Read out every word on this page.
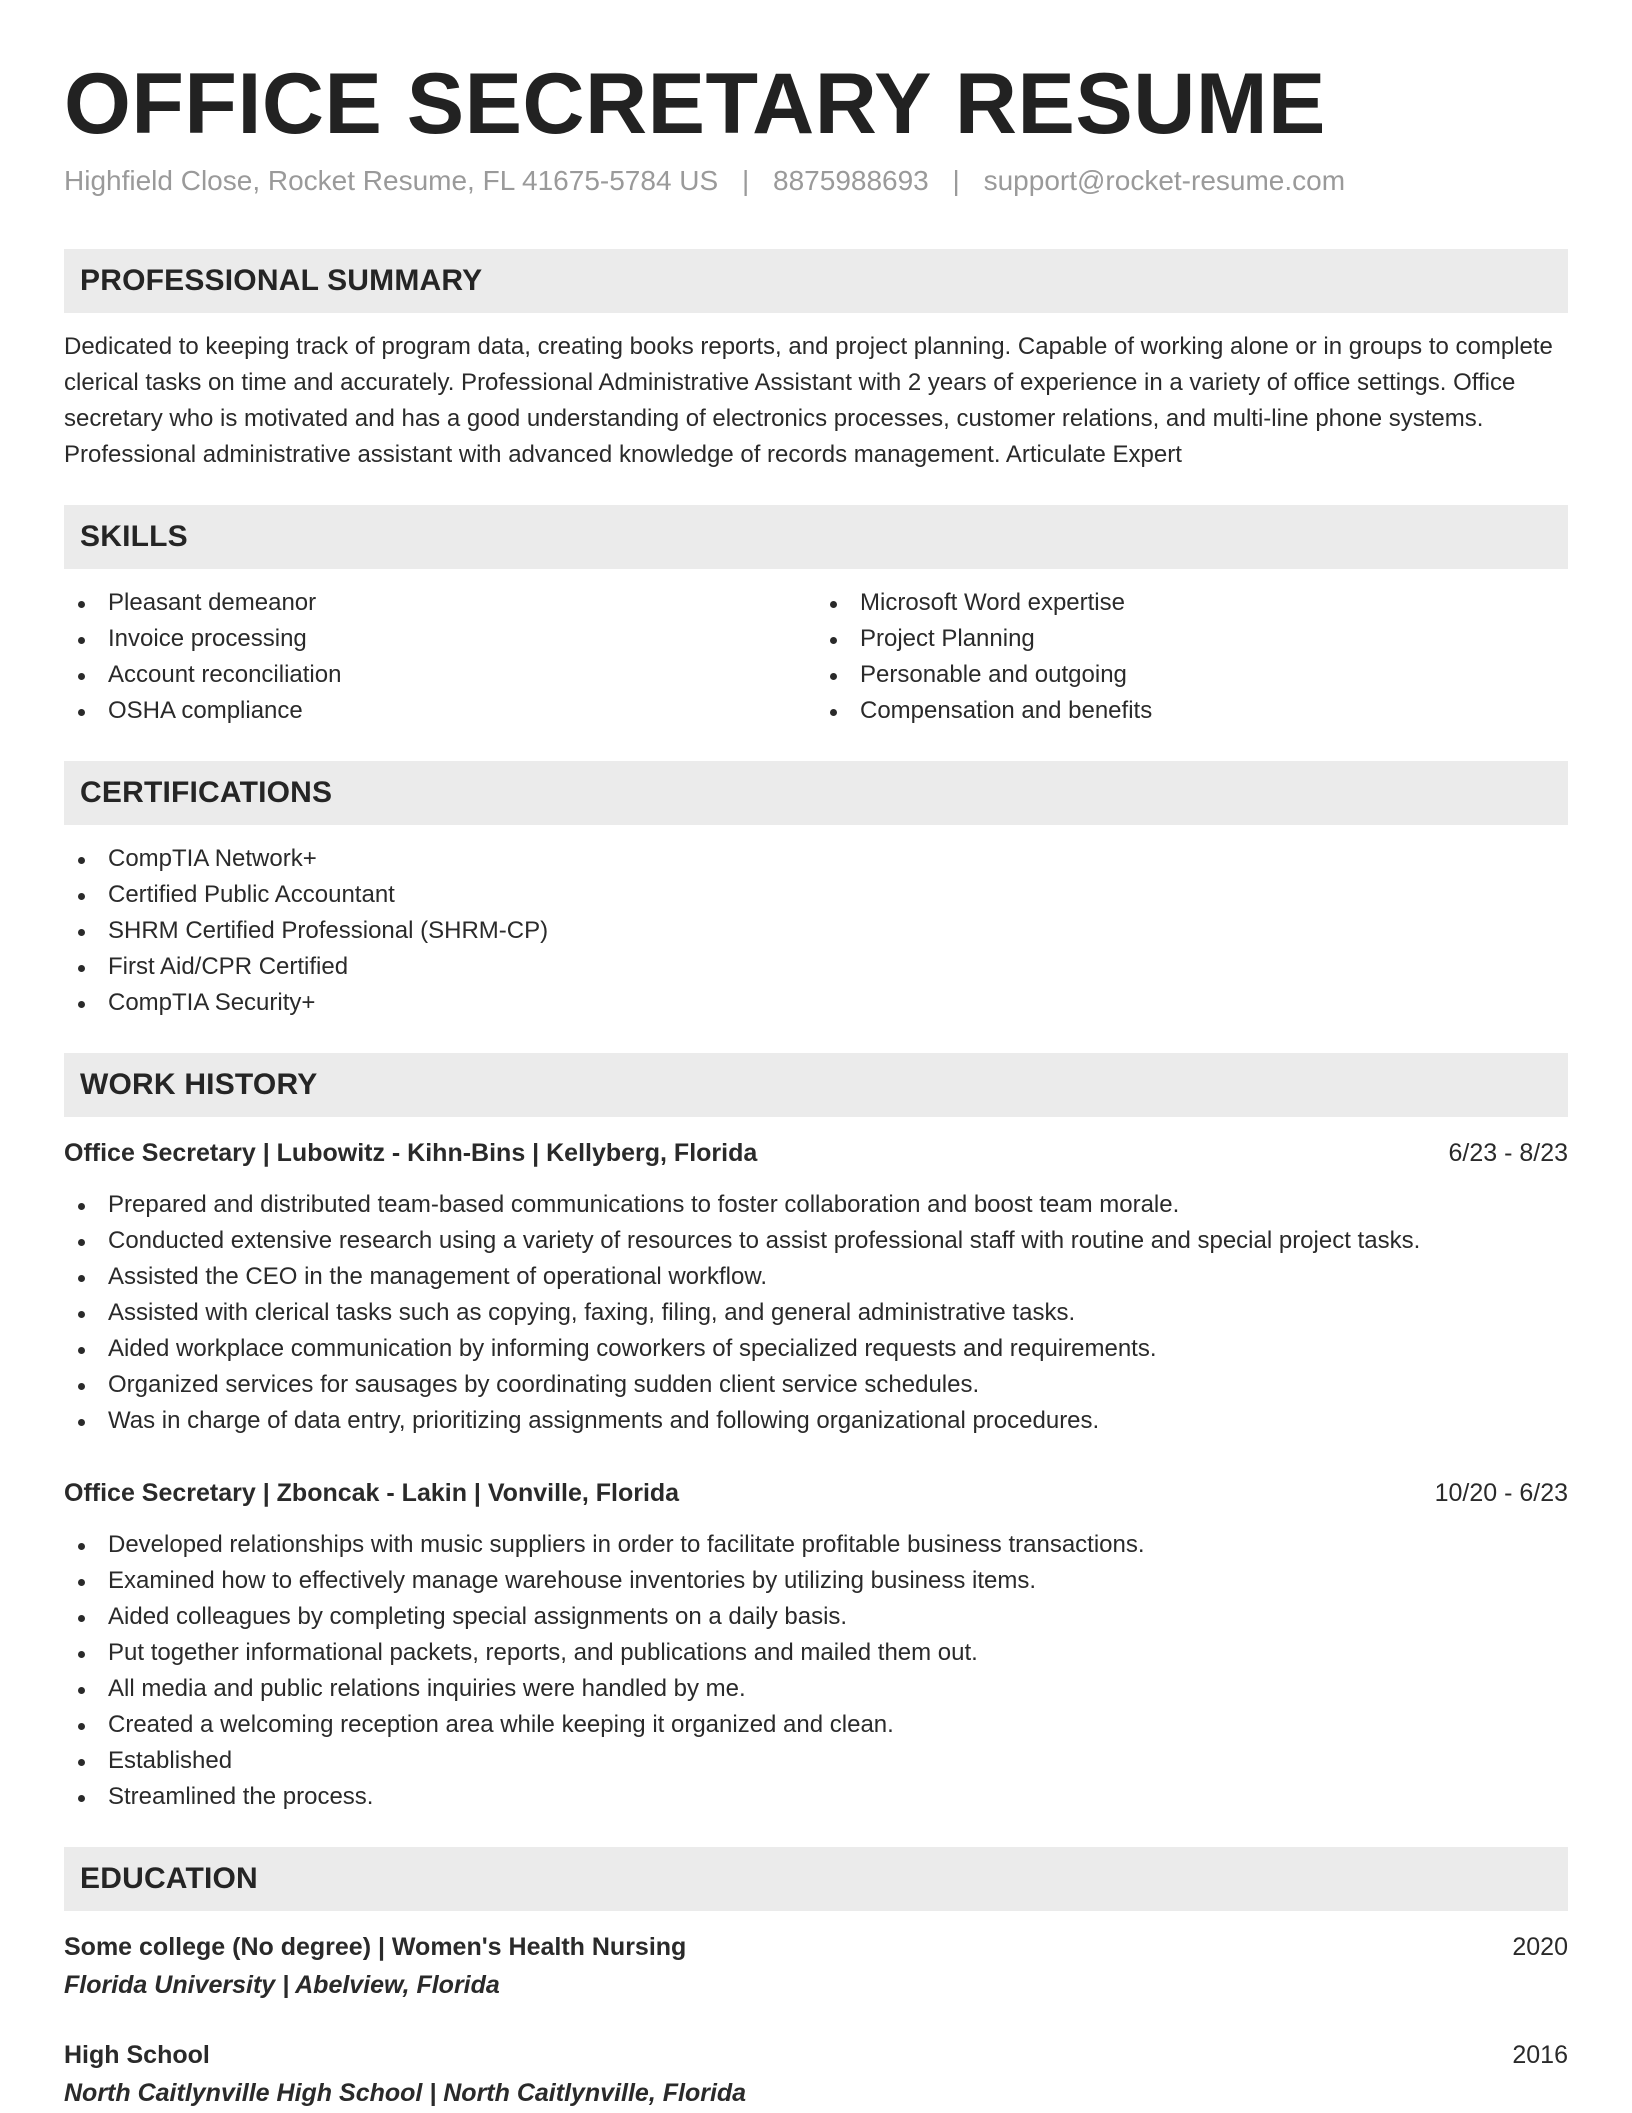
OFFICE SECRETARY RESUME
Highfield Close, Rocket Resume, FL 41675-5784 US | 8875988693 | support@rocket-resume.com
PROFESSIONAL SUMMARY

Dedicated to keeping track of program data, creating books reports, and project planning. Capable of working alone or in groups to complete clerical tasks on time and accurately. Professional Administrative Assistant with 2 years of experience in a variety of office settings. Office secretary who is motivated and has a good understanding of electronics processes, customer relations, and multi-line phone systems. Professional administrative assistant with advanced knowledge of records management. Articulate Expert

SKILLS
Pleasant demeanor
Invoice processing
Account reconciliation
OSHA compliance
Microsoft Word expertise
Project Planning
Personable and outgoing
Compensation and benefits
CERTIFICATIONS
CompTIA Network+
Certified Public Accountant
SHRM Certified Professional (SHRM-CP)
First Aid/CPR Certified
CompTIA Security+
WORK HISTORY
Office Secretary | Lubowitz - Kihn-Bins | Kellyberg, Florida	6/23 - 8/23
Prepared and distributed team-based communications to foster collaboration and boost team morale.
Conducted extensive research using a variety of resources to assist professional staff with routine and special project tasks.
Assisted the CEO in the management of operational workflow.
Assisted with clerical tasks such as copying, faxing, filing, and general administrative tasks.
Aided workplace communication by informing coworkers of specialized requests and requirements.
Organized services for sausages by coordinating sudden client service schedules.
Was in charge of data entry, prioritizing assignments and following organizational procedures.
Office Secretary | Zboncak - Lakin | Vonville, Florida	10/20 - 6/23
Developed relationships with music suppliers in order to facilitate profitable business transactions.
Examined how to effectively manage warehouse inventories by utilizing business items.
Aided colleagues by completing special assignments on a daily basis.
Put together informational packets, reports, and publications and mailed them out.
All media and public relations inquiries were handled by me.
Created a welcoming reception area while keeping it organized and clean.
Established
Streamlined the process.
EDUCATION
Some college (No degree) | Women's Health Nursing	2020
Florida University | Abelview, Florida
High School	2016
North Caitlynville High School | North Caitlynville, Florida
